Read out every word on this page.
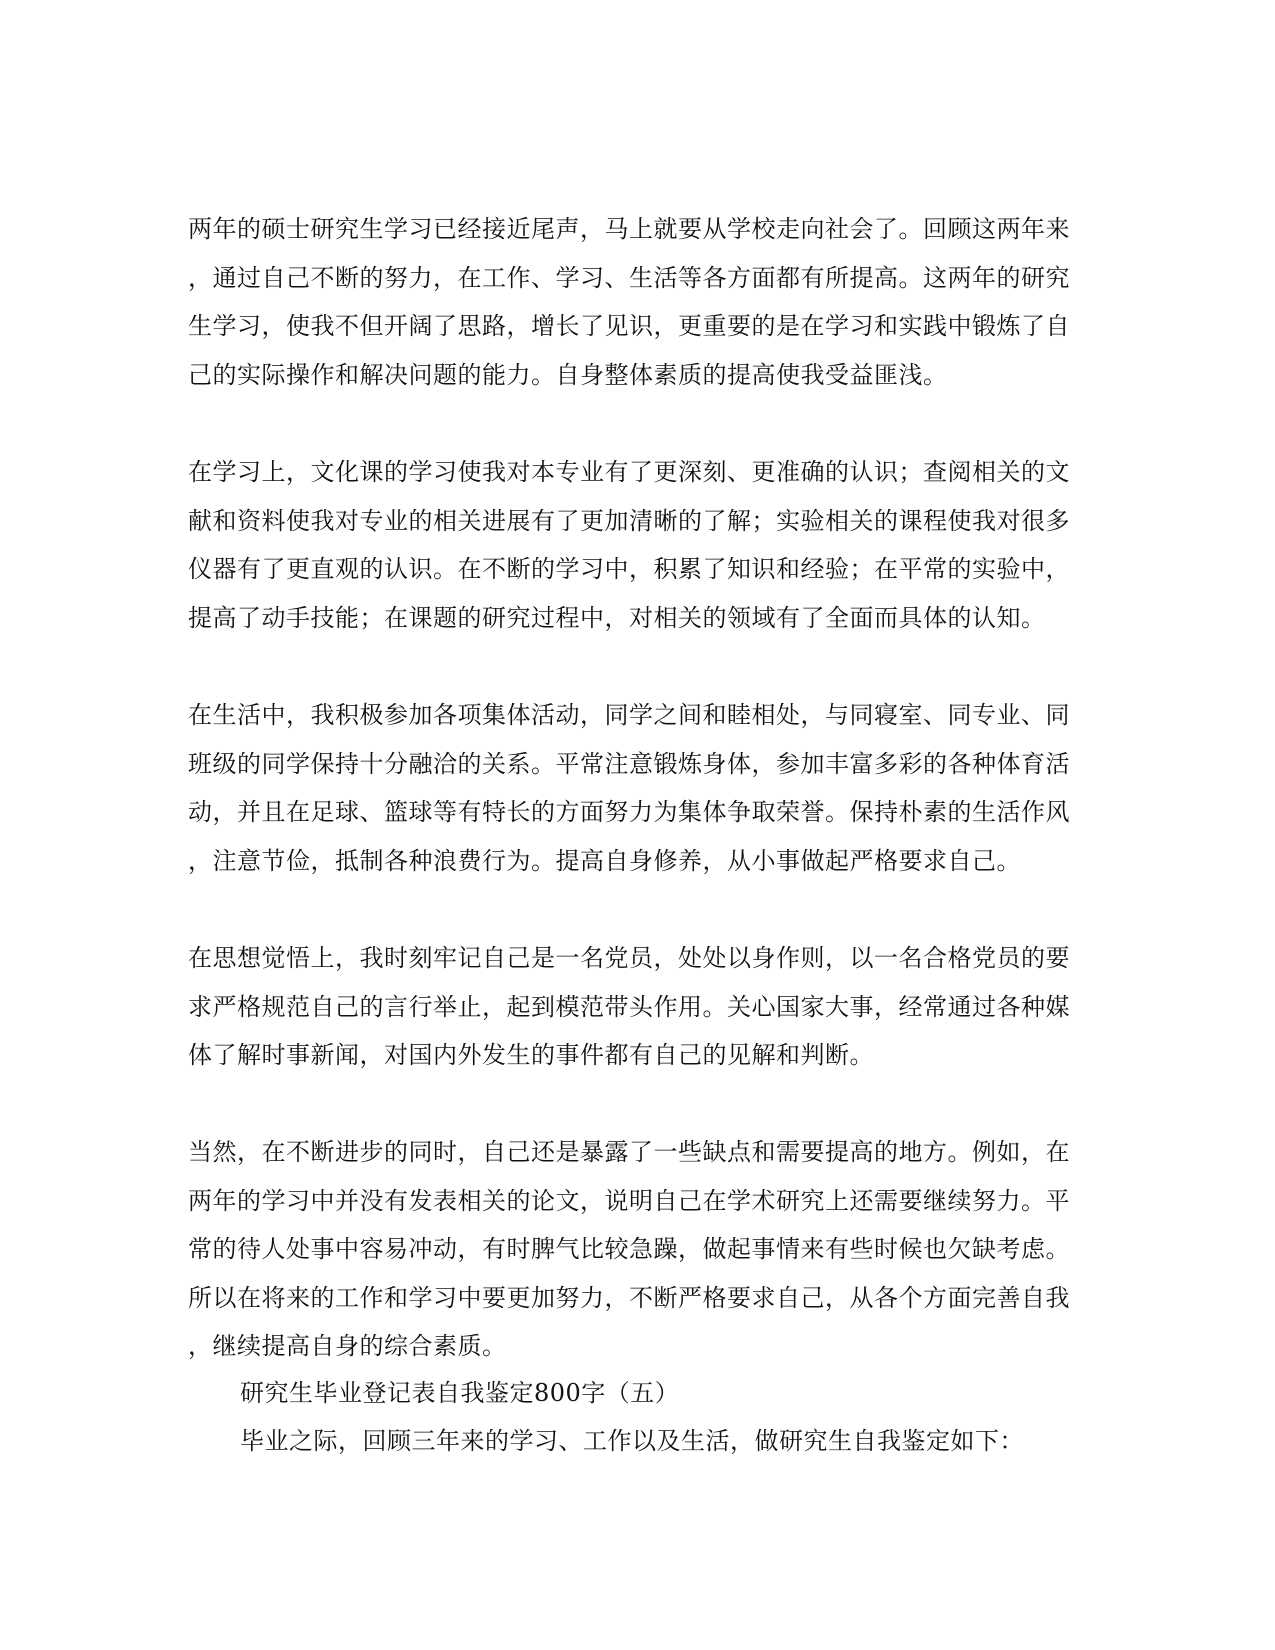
两年的硕士研究生学习已经接近尾声，马上就要从学校走向社会了。回顾这两年来
，通过自己不断的努力，在工作、学习、生活等各方面都有所提高。这两年的研究
生学习，使我不但开阔了思路，增长了见识，更重要的是在学习和实践中锻炼了自
己的实际操作和解决问题的能力。自身整体素质的提高使我受益匪浅。
在学习上，文化课的学习使我对本专业有了更深刻、更准确的认识；查阅相关的文
献和资料使我对专业的相关进展有了更加清晰的了解；实验相关的课程使我对很多
仪器有了更直观的认识。在不断的学习中，积累了知识和经验；在平常的实验中，
提高了动手技能；在课题的研究过程中，对相关的领域有了全面而具体的认知。
在生活中，我积极参加各项集体活动，同学之间和睦相处，与同寝室、同专业、同
班级的同学保持十分融洽的关系。平常注意锻炼身体，参加丰富多彩的各种体育活
动，并且在足球、篮球等有特长的方面努力为集体争取荣誉。保持朴素的生活作风
，注意节俭，抵制各种浪费行为。提高自身修养，从小事做起严格要求自己。
在思想觉悟上，我时刻牢记自己是一名党员，处处以身作则，以一名合格党员的要
求严格规范自己的言行举止，起到模范带头作用。关心国家大事，经常通过各种媒
体了解时事新闻，对国内外发生的事件都有自己的见解和判断。
当然，在不断进步的同时，自己还是暴露了一些缺点和需要提高的地方。例如，在
两年的学习中并没有发表相关的论文，说明自己在学术研究上还需要继续努力。平
常的待人处事中容易冲动，有时脾气比较急躁，做起事情来有些时候也欠缺考虑。
所以在将来的工作和学习中要更加努力，不断严格要求自己，从各个方面完善自我
，继续提高自身的综合素质。
研究生毕业登记表自我鉴定800字（五）
毕业之际，回顾三年来的学习、工作以及生活，做研究生自我鉴定如下：
